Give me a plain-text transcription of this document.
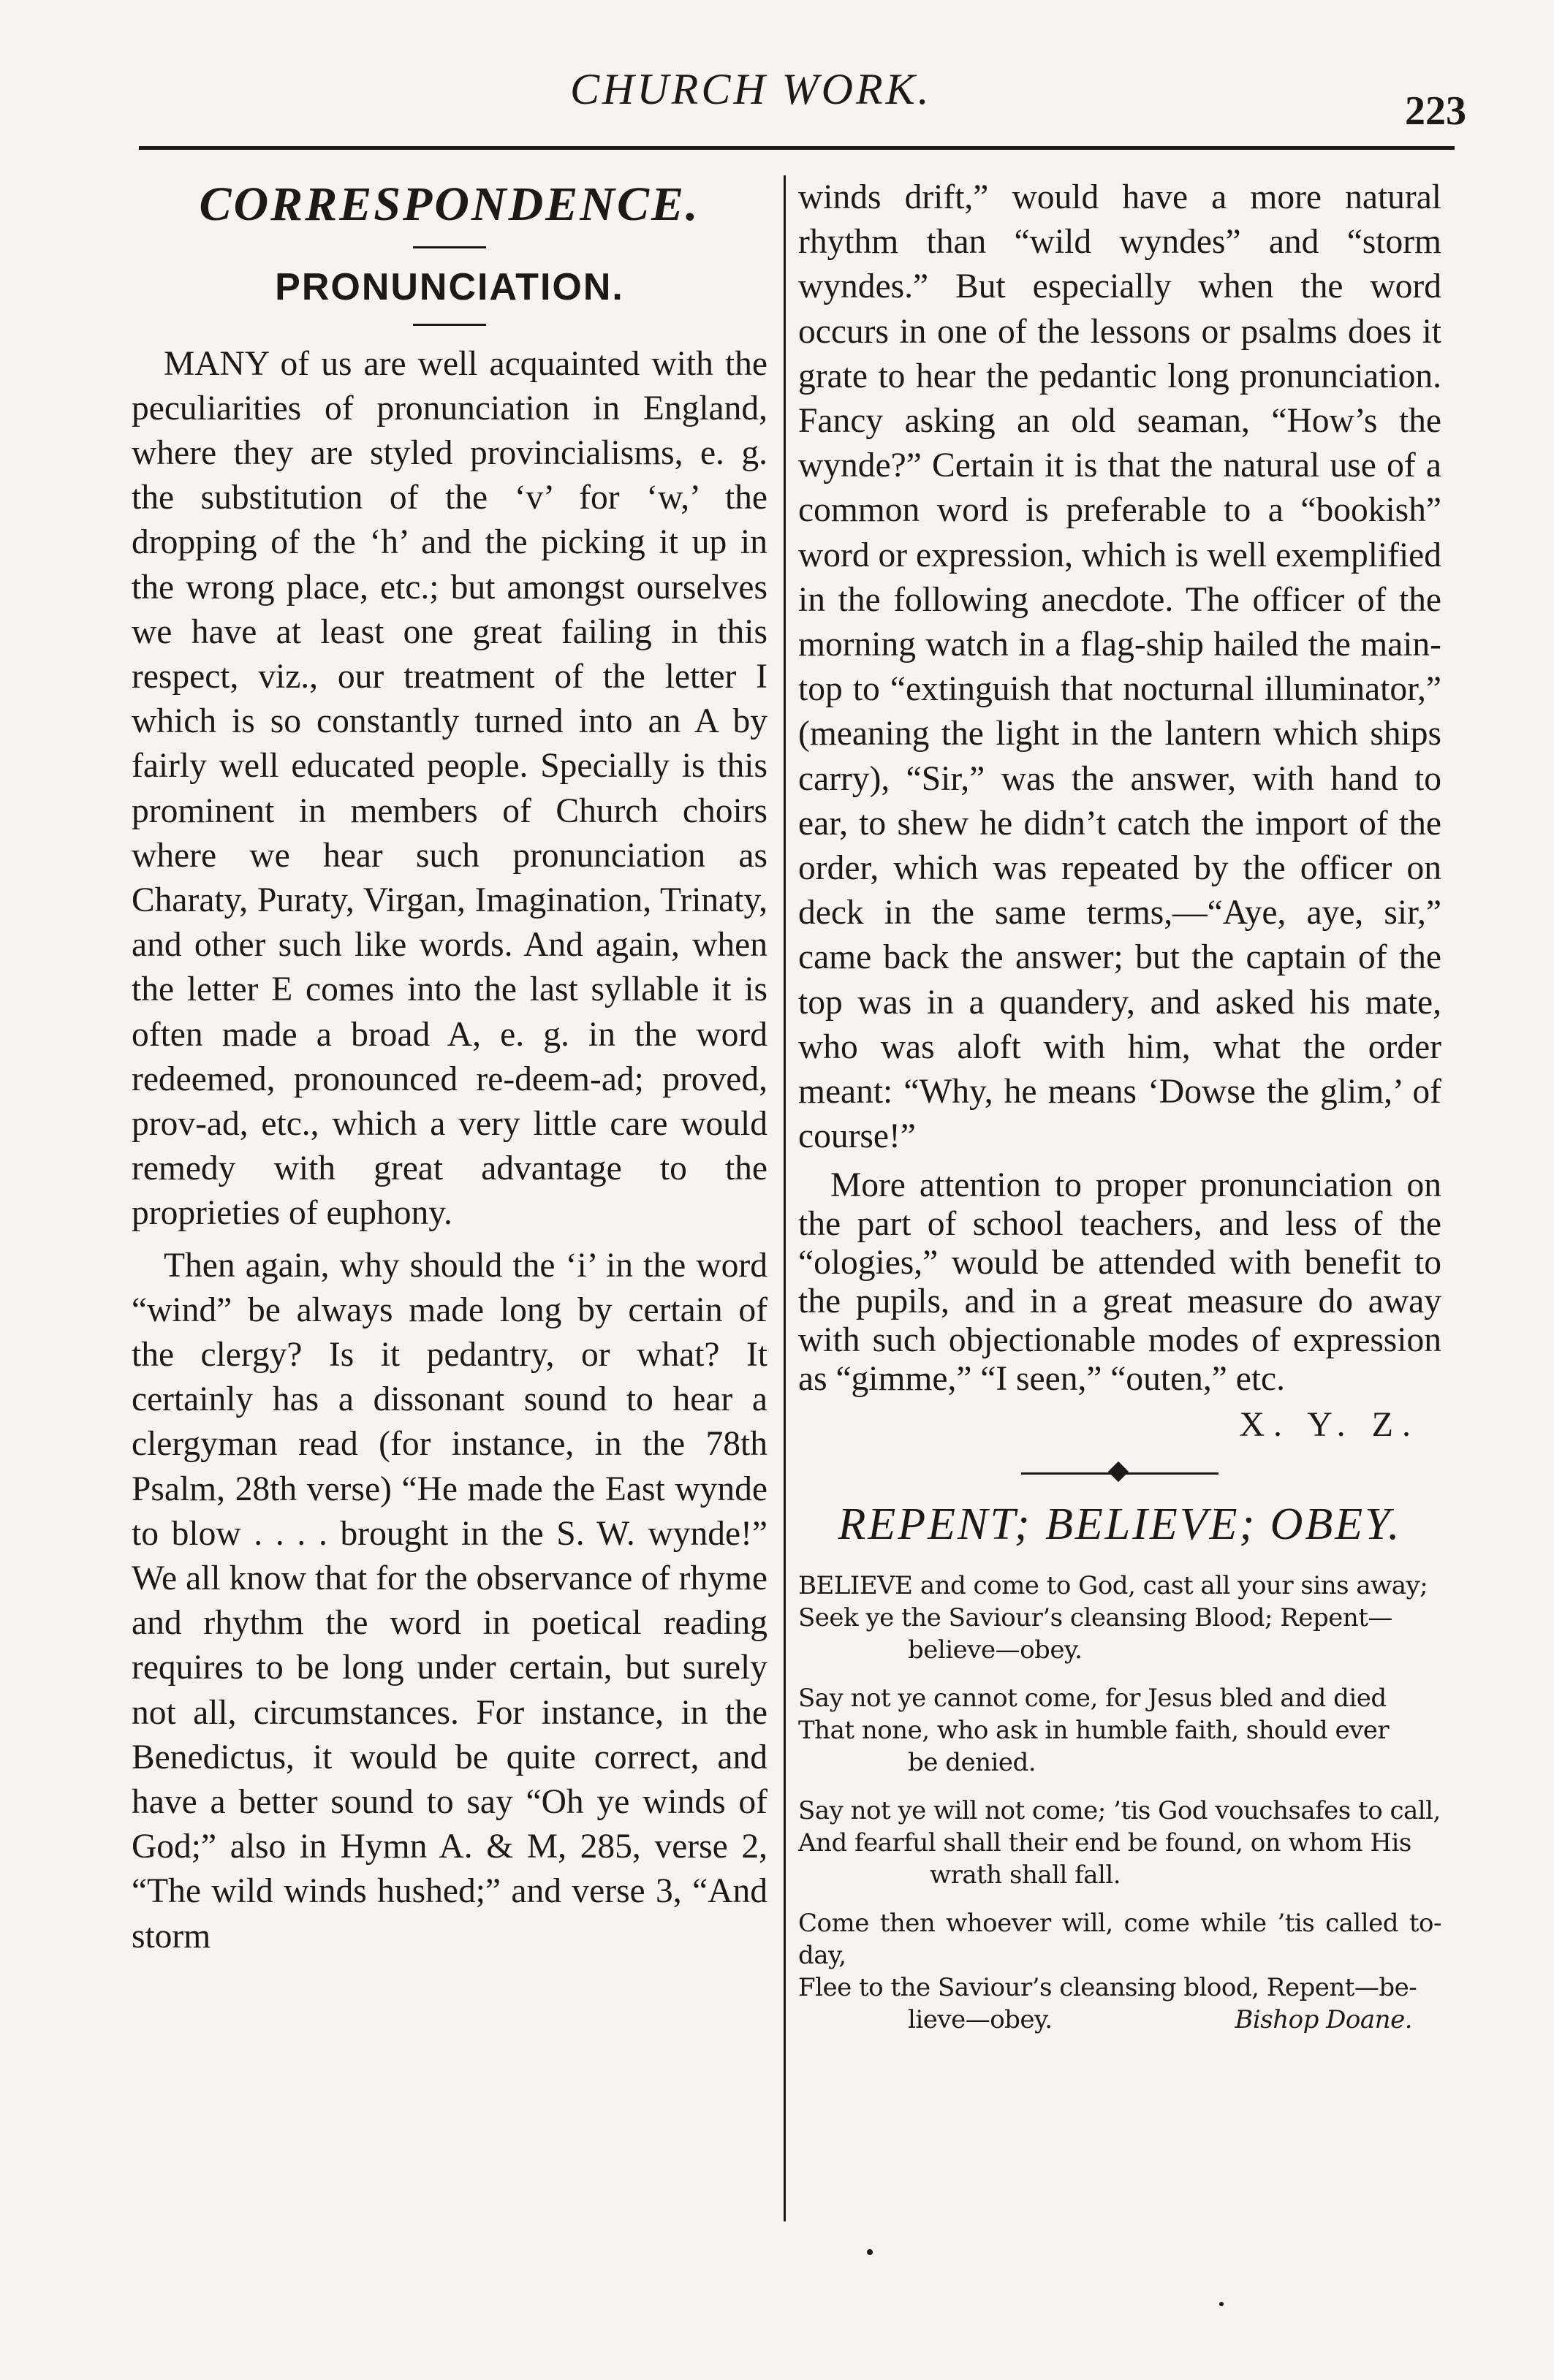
CHURCH WORK.	223
CORRESPONDENCE.
PRONUNCIATION.

MANY of us are well acquainted with the peculiarities of pronunciation in England, where they are styled provincialisms, e. g. the substitution of the ‘v’ for ‘w,’ the dropping of the ‘h’ and the picking it up in the wrong place, etc.; but amongst ourselves we have at least one great failing in this respect, viz., our treatment of the letter I which is so constantly turned into an A by fairly well educated people. Specially is this prominent in members of Church choirs where we hear such pronunciation as Charaty, Puraty, Virgan, Imagination, Trinaty, and other such like words. And again, when the letter E comes into the last syllable it is often made a broad A, e. g. in the word redeemed, pronounced re-deem-ad; proved, prov-ad, etc., which a very little care would remedy with great advantage to the proprieties of euphony.

Then again, why should the ‘i’ in the word “wind” be always made long by certain of the clergy? Is it pedantry, or what? It certainly has a dissonant sound to hear a clergyman read (for instance, in the 78th Psalm, 28th verse) “He made the East wynde to blow . . . . brought in the S. W. wynde!” We all know that for the observance of rhyme and rhythm the word in poetical reading requires to be long under certain, but surely not all, circumstances. For instance, in the Benedictus, it would be quite correct, and have a better sound to say “Oh ye winds of God;” also in Hymn A. & M, 285, verse 2, “The wild winds hushed;” and verse 3, “And storm

winds drift,” would have a more natural rhythm than “wild wyndes” and “storm wyndes.” But especially when the word occurs in one of the lessons or psalms does it grate to hear the pedantic long pronunciation. Fancy asking an old seaman, “How’s the wynde?” Certain it is that the natural use of a common word is preferable to a “bookish” word or expression, which is well exemplified in the following anecdote. The officer of the morning watch in a flag-ship hailed the main-top to “extinguish that nocturnal illuminator,” (meaning the light in the lantern which ships carry), “Sir,” was the answer, with hand to ear, to shew he didn’t catch the import of the order, which was repeated by the officer on deck in the same terms,—“Aye, aye, sir,” came back the answer; but the captain of the top was in a quandery, and asked his mate, who was aloft with him, what the order meant: “Why, he means ‘Dowse the glim,’ of course!”

More attention to proper pronunciation on the part of school teachers, and less of the “ologies,” would be attended with benefit to the pupils, and in a great measure do away with such objectionable modes of expression as “gimme,” “I seen,” “outen,” etc.

X. Y. Z.
REPENT; BELIEVE; OBEY.
BELIEVE and come to God, cast all your sins away;
Seek ye the Saviour’s cleansing Blood; Repent—
believe—obey.
Say not ye cannot come, for Jesus bled and died
That none, who ask in humble faith, should ever
be denied.
Say not ye will not come; ’tis God vouchsafes to call,
And fearful shall their end be found, on whom His
wrath shall fall.
Come then whoever will, come while ’tis called to-day,
Flee to the Saviour’s cleansing blood, Repent—be-
lieve—obey.	Bishop Doane.
